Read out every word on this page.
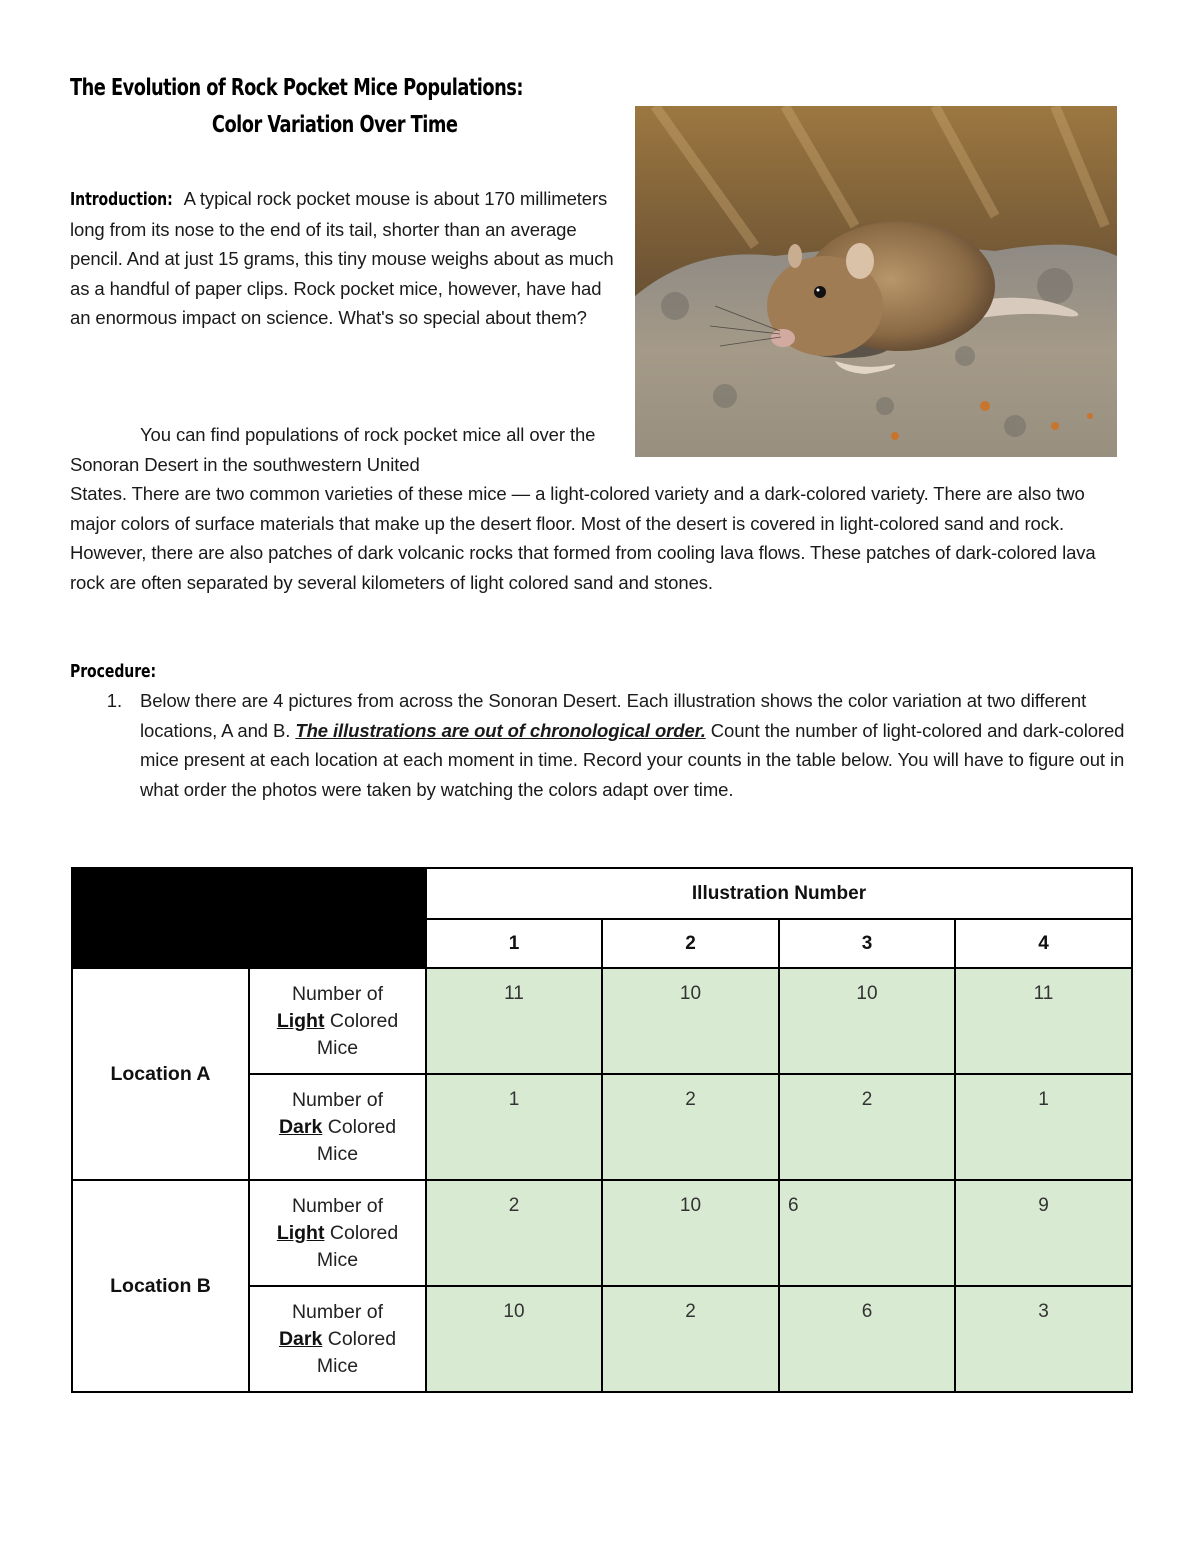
The Evolution of Rock Pocket Mice Populations:
Color Variation Over Time
Introduction: A typical rock pocket mouse is about 170 millimeters long from its nose to the end of its tail, shorter than an average pencil. And at just 15 grams, this tiny mouse weighs about as much as a handful of paper clips. Rock pocket mice, however, have had an enormous impact on science. What's so special about them?
You can find populations of rock pocket mice all over the Sonoran Desert in the southwestern United
States. There are two common varieties of these mice — a light-colored variety and a dark-colored variety. There are also two major colors of surface materials that make up the desert floor. Most of the desert is covered in light-colored sand and rock. However, there are also patches of dark volcanic rocks that formed from cooling lava flows. These patches of dark-colored lava rock are often separated by several kilometers of light colored sand and stones.
Procedure:
1. Below there are 4 pictures from across the Sonoran Desert. Each illustration shows the color variation at two different locations, A and B. The illustrations are out of chronological order. Count the number of light-colored and dark-colored mice present at each location at each moment in time. Record your counts in the table below. You will have to figure out in what order the photos were taken by watching the colors adapt over time.
		Illustration Number			
		1	2	3	4
Location A	Number of
Light Colored
Mice	11	10	10	11
	Number of
Dark Colored
Mice	1	2	2	1
Location B	Number of
Light Colored
Mice	2	10	6	9
	Number of
Dark Colored
Mice	10	2	6	3
